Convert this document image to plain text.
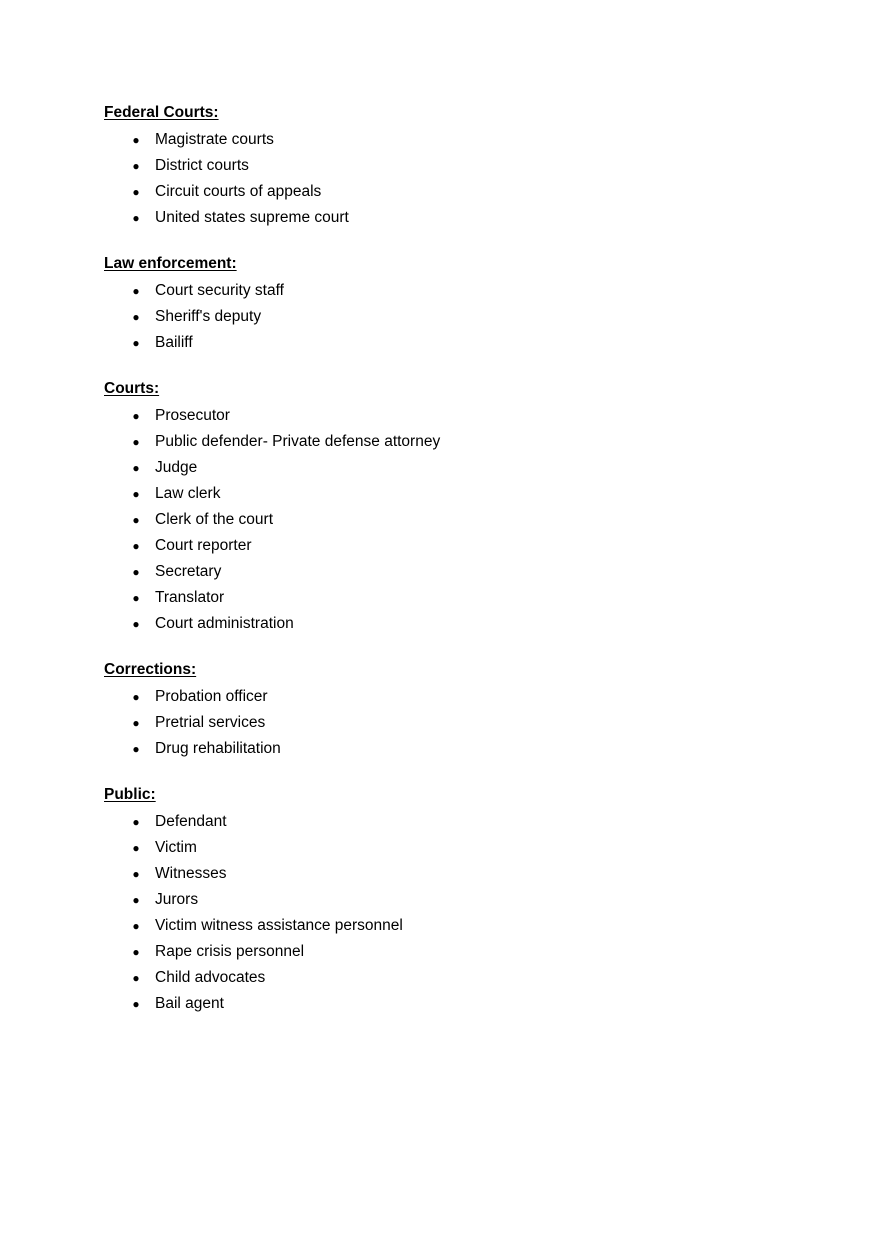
Federal Courts:
● Magistrate courts
● District courts
● Circuit courts of appeals
● United states supreme court
Law enforcement:
● Court security staff
● Sheriff's deputy
● Bailiff
Courts:
● Prosecutor
● Public defender- Private defense attorney
● Judge
● Law clerk
● Clerk of the court
● Court reporter
● Secretary
● Translator
● Court administration
Corrections:
● Probation officer
● Pretrial services
● Drug rehabilitation
Public:
● Defendant
● Victim
● Witnesses
● Jurors
● Victim witness assistance personnel
● Rape crisis personnel
● Child advocates
● Bail agent
